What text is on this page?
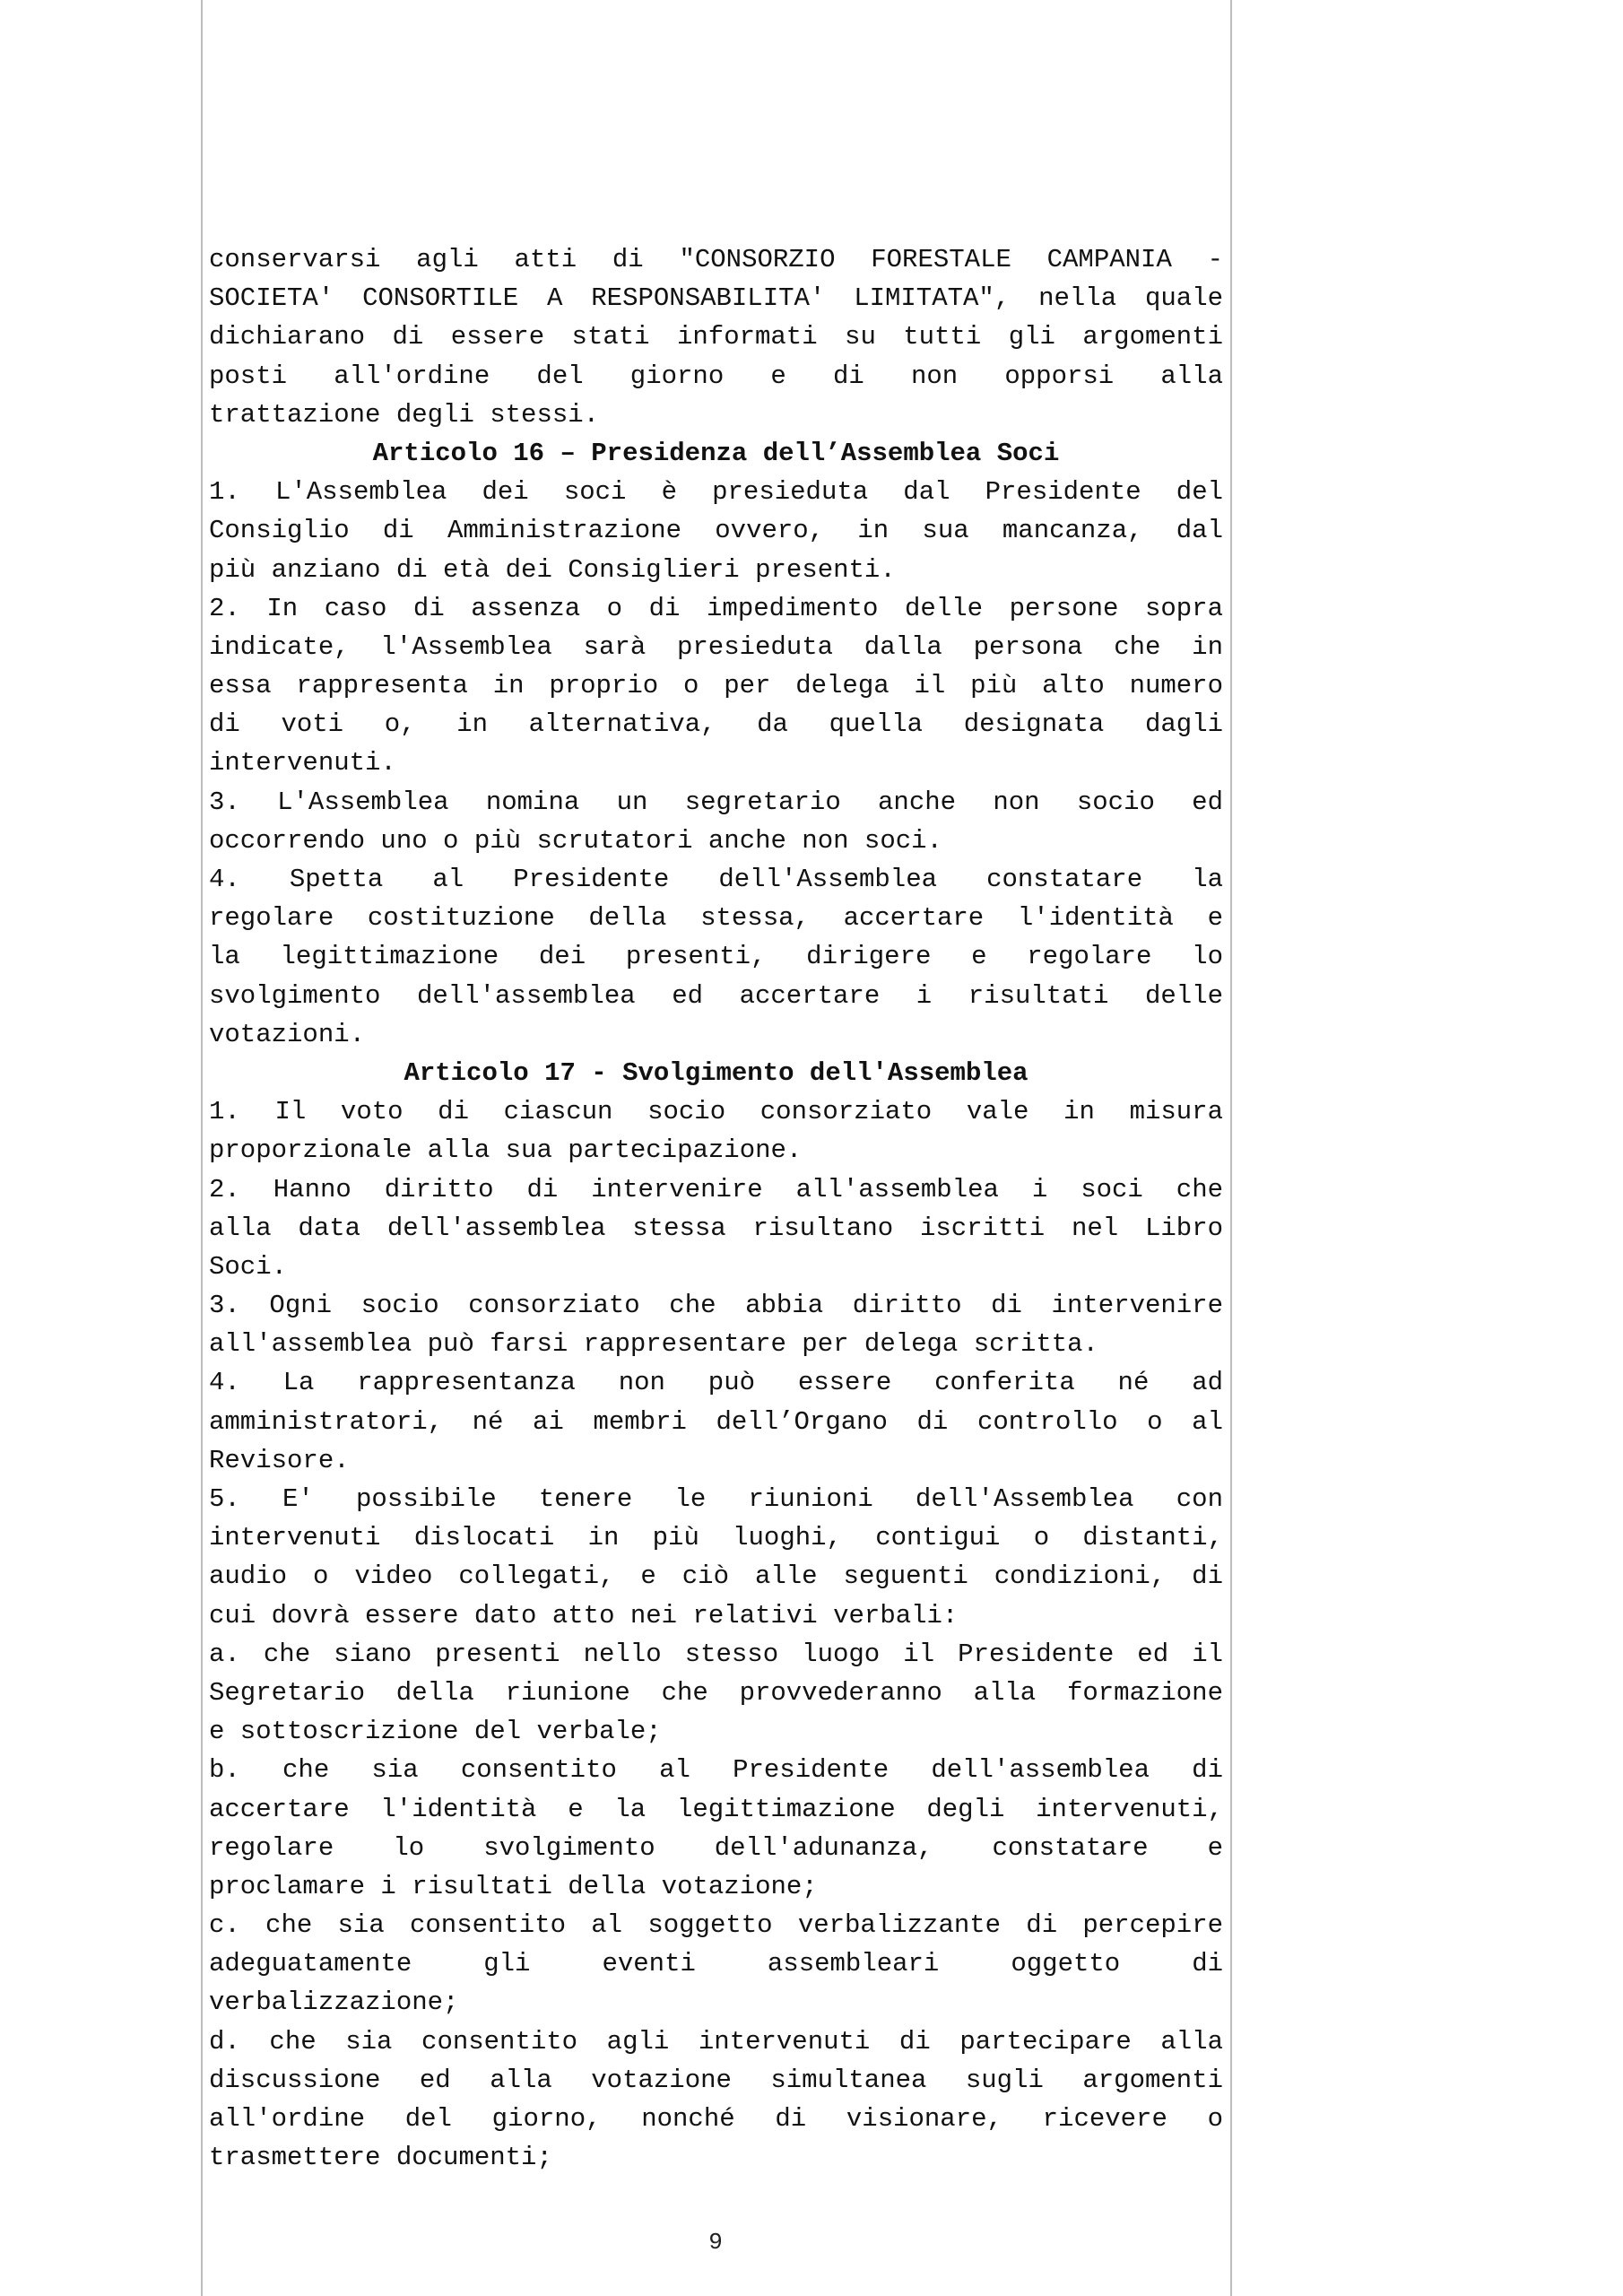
conservarsi agli atti di "CONSORZIO FORESTALE CAMPANIA -
SOCIETA' CONSORTILE A RESPONSABILITA' LIMITATA", nella quale
dichiarano di essere stati informati su tutti gli argomenti
posti all'ordine del giorno e di non opporsi alla
trattazione degli stessi.
Articolo 16 – Presidenza dell’Assemblea Soci
1. L'Assemblea dei soci è presieduta dal Presidente del
Consiglio di Amministrazione ovvero, in sua mancanza, dal
più anziano di età dei Consiglieri presenti.
2. In caso di assenza o di impedimento delle persone sopra
indicate, l'Assemblea sarà presieduta dalla persona che in
essa rappresenta in proprio o per delega il più alto numero
di voti o, in alternativa, da quella designata dagli
intervenuti.
3. L'Assemblea nomina un segretario anche non socio ed
occorrendo uno o più scrutatori anche non soci.
4. Spetta al Presidente dell'Assemblea constatare la
regolare costituzione della stessa, accertare l'identità e
la legittimazione dei presenti, dirigere e regolare lo
svolgimento dell'assemblea ed accertare i risultati delle
votazioni.
Articolo 17 - Svolgimento dell'Assemblea
1. Il voto di ciascun socio consorziato vale in misura
proporzionale alla sua partecipazione.
2. Hanno diritto di intervenire all'assemblea i soci che
alla data dell'assemblea stessa risultano iscritti nel Libro
Soci.
3. Ogni socio consorziato che abbia diritto di intervenire
all'assemblea può farsi rappresentare per delega scritta.
4. La rappresentanza non può essere conferita né ad
amministratori, né ai membri dell’Organo di controllo o al
Revisore.
5. E' possibile tenere le riunioni dell'Assemblea con
intervenuti dislocati in più luoghi, contigui o distanti,
audio o video collegati, e ciò alle seguenti condizioni, di
cui dovrà essere dato atto nei relativi verbali:
a. che siano presenti nello stesso luogo il Presidente ed il
Segretario della riunione che provvederanno alla formazione
e sottoscrizione del verbale;
b. che sia consentito al Presidente dell'assemblea di
accertare l'identità e la legittimazione degli intervenuti,
regolare lo svolgimento dell'adunanza, constatare e
proclamare i risultati della votazione;
c. che sia consentito al soggetto verbalizzante di percepire
adeguatamente gli eventi assembleari oggetto di
verbalizzazione;
d. che sia consentito agli intervenuti di partecipare alla
discussione ed alla votazione simultanea sugli argomenti
all'ordine del giorno, nonché di visionare, ricevere o
trasmettere documenti;
9
